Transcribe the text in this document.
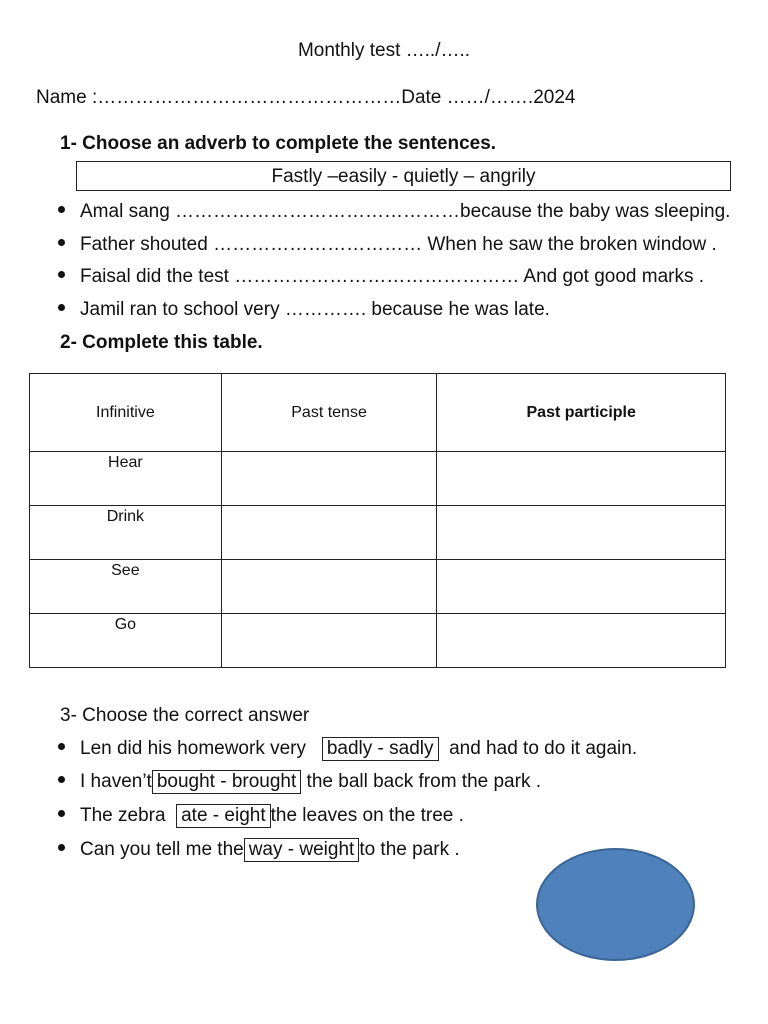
Monthly test …../…..
Name :…………………………………………Date ……/…….2024
1- Choose an adverb to complete the sentences.
Fastly –easily - quietly – angrily
Amal sang ………………………………………because the baby was sleeping.
Father shouted …………………………… When he saw the broken window .
Faisal did the test ……………………………………… And got good marks .
Jamil ran to school very …………. because he was late.
2- Complete this table.
Infinitive	Past tense	Past participle
Hear		
Drink		
See		
Go		
3- Choose the correct answer
Len did his homework very   badly - sadly  and had to do it again.
I haven’t bought - brought the ball back from the park .
The zebra  ate - eightthe leaves on the tree .
Can you tell me the way - weight to the park .
